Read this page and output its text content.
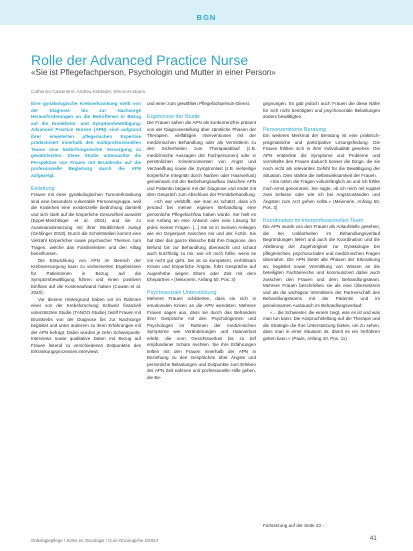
BGN
Rolle der Advanced Practice Nurse
«Sie ist Pflegefachperson, Psychologin und Mutter in einer Person»
Catherine Casamenn, Andrea Kobleder, Eleonore Baum

Eine gynäkologische Krebserkrankung stellt von der Diagnose bis zur Nachsorge Herausforderungen an die Betroffenen in Bezug auf die Krankheits- und Symptombewältigung. Advanced Practice Nurses (APN) sind aufgrund ihrer erweiterten pflegerischen Expertise prädestiniert innerhalb des multiprofessionellen Teams eine bedürfnisgerechte Versorgung zu gewährleisten. Diese Studie untersuchte die Perspektive von Frauen mit Brustkrebs auf die professionelle Begleitung durch die APN aufgezeigt.

Einleitung

Frauen mit einer gynäkologischen Tumorerkrankung sind eine besonders vulnerable Personengruppe, weil die Krankheit eine existenzielle Bedrohung darstellt und sich stark auf die körperliche Gesundheit auswirkt (Eppel-Meichlinger et al. 2024) und sie zu Auseinandersetzung mit ihrer Weiblichkeit zwingt (Gehlinger 2019). Durch die Schnittstellen kommt eine Vielzahl körperlicher sowie psychischer Themen zum Tragen, welche das Familienleben und den Alltag beeinflussen.

Die Entwicklung von APN im Bereich der Krebsversorgung kann zu verbesserten Ergebnissen für Patientinnen in Bezug auf die Symptombewältigung führen und einen positiven Einfluss auf die Kostenaufwand haben (Cowan et al. 2020).

Vor diesem Hintergrund haben wir im Rahmen einer von der Krebsforschung Schweiz finanziell unterstützten Studie (TANGO-Studie) zwölf Frauen mit Brustkrebs von der Diagnose bis zur Nachsorge begleitet und unter anderem zu ihren Erfahrungen mit der APN befragt. Dabei wurden je zehn Schwerpunkt-Interviews sowie qualitative Daten mit Bezug auf Frauen leitend zu verschiedenen Zeitpunkten des Erkrankungsprozesses interviewt.

und einer zum gewählten Pflegefachperson-Dienst.

Ergebnisse der Studie

Die Frauen sahen die APN als konkurrenzfrei präsent von der Diagnosestellung über sämtliche Phasen der Therapien, vielfältigen Interventionen mit der medizinischen Behandlung oder als Vermittlerin zu den Sicherheiten zum Therapieablauf (z.B. medizinische Aussagen der Fachpersonen) oder in persönlichen Krisenmomenten von Angst und Verzweiflung sowie die Symptomlast (z.B. vielseitige körperliche Integrität durch Narben oder Haarverlust) gemeinsam mit der Beziehungsaufbau zwischen APN und Patientin begann mit der Diagnose und endet mit dem Gespräch zum Abschluss der Primärbehandlung.

«Ich war verblüfft, wie man es schätzt, dass ich jemand bei meiner eigenen Behandlung eine persönliche Pflegefachfrau haben würde. Sie hielt es von Anfang an eine Antwort oder eine Lösung für jedes meiner Fragen. [...] Sie ist in meinem Anliegen wie ein Gegenpart zwischen mir und der Ärztin. Sie hat über das ganze klinische Bild Ihre Diagnose, den Befund bis zur Behandlung überwacht und schaut auch kurzfristig zu mir, wie ich mich fühle, wenn es mir nicht gut geht. Sie ist so kompetent, einfühlsam Krisen und körperliche Ängste, führt Gespräche auf Augenhöhe wegen Eltern oder Zeit mit dem Ehepartner.» (Meixnerin, Anfang 50, Pos. 3)

Psychosoziale Unterstützung

Mehrere Frauen schilderten, dass sie sich in emotionalen Krisen an die APN wendeten. Mehrere Frauen sagen aus, dass sie durch das Behandeln ihrer Gespräche mit den Psychologinnen und Psychologen im Rahmen der medizinischen Symptome wie Veränderungen und Haarverlust erlebt, die vom Gesichtsverlust bis zu tief empfundener Scham reichten. Sie ihre Erfahrungen teilten mit den Frauen innerhalb der APN in Beziehung zu den Gesprächen über Ängste und persönliche Belastungen und Zeitpunkte zum Erleben der APN Zeit nahmen und professionelle Hilfe geben, die Be-

gegnungen. Es gab jedoch auch Frauen die diese Nähe für sich nicht benötigten und psychosoziale Belastungen anders bewältigten.

Personzentrierte Beratung

Ein weiteres Merkmal der Beratung ist eine praktisch-pragmatische und partizipative Lösungsfindung. Die Frauen fühlten sich in ihrer Individualität gesehen. Die APN entdeckte die Symptome und Probleme und vermittelte den Frauen dadurch besser die Dinge, die sie noch nicht als relevantes Gefühl für die Bewältigung der Situation. Dies stärkte die Selbstwirksamkeit der Frauen.

«Sie nahm die Fragen vollumfänglich an und ich fühlte mich ernst genommen. Sie sagte, ob ich mich mit Kapitel zwei befasse oder wie ich bei Angstzuständen und Ängsten zum Arzt gehen sollte.» (Meixnerin, Anfang 50, Pos. 3)

Koordination im interprofessionellen Team

Die APN wurde von den Frauen als Anlaufstelle gesehen, die bei Unklarheiten im Behandlungsverlauf Begründungen liefert und auch die Koordination und die Abklärung der Zugehörigkeit zur Gynäkologie bei pflegerischen, psychosozialen und medizinischen Fragen übernahm. Die APN bietet alle Phasen der Erkrankung an, begleitet sowie Vermittlung von Wissen an die beteiligten Fachbereiche und kommuniziert dabei auch zwischen den Frauen und dem Behandlungsteam. Mehrere Frauen beschrieben sie als eine Übersetzerin und als die wichtigste Vermittlerin der Partnerschaft des Behandlungsteams mit der Patientin und im gemeinsamen Austausch im Behandlungsverlauf:

«... die Schwester, die einem zeigt, was es ist und was man tun kann. Die Anspruchstellung auf die Therapie und die Strategie die Ihre Unterstützung bieten, um zu sehen, dass man in einer Situation ist, damit es ein Verfahren geben kann.» (Pauls, Anfang 40, Pos. 11)

Fortsetzung auf der Seite 43 ›
Onkologiepflege / Soins en Oncologie / Cure Oncologiche 2/2024	41
